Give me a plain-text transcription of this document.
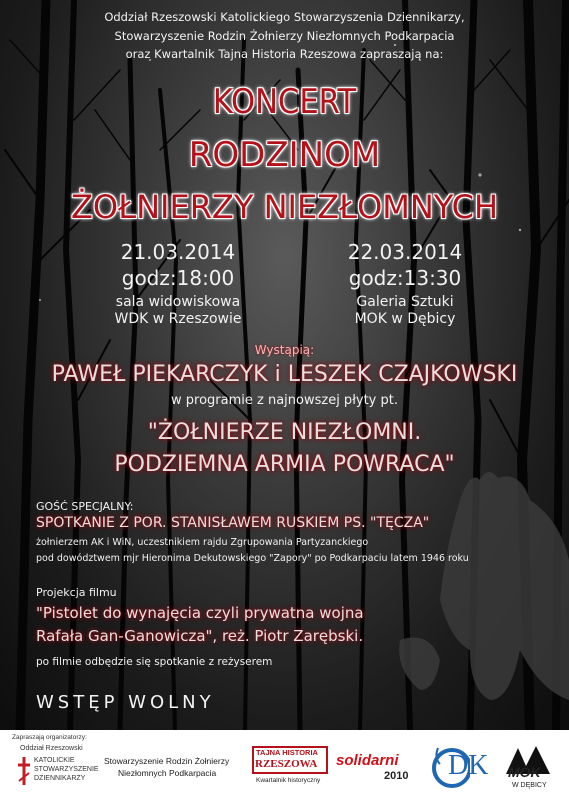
Oddział Rzeszowski Katolickiego Stowarzyszenia Dziennikarzy,
Stowarzyszenie Rodzin Żołnierzy Niezłomnych Podkarpacia
oraz Kwartalnik Tajna Historia Rzeszowa zapraszają na:
KONCERT
RODZINOM
ŻOŁNIERZY NIEZŁOMNYCH
21.03.2014
godz:18:00
sala widowiskowa
WDK w Rzeszowie
22.03.2014
godz:13:30
Galeria Sztuki
MOK w Dębicy
Wystąpią:
PAWEŁ PIEKARCZYK i LESZEK CZAJKOWSKI
w programie z najnowszej płyty pt.
"ŻOŁNIERZE NIEZŁOMNI.
PODZIEMNA ARMIA POWRACA"
GOŚĆ SPECJALNY:
SPOTKANIE Z POR. STANISŁAWEM RUSKIEM PS. "TĘCZA"
żołnierzem AK i WiN, uczestnikiem rajdu Zgrupowania Partyzanckiego
pod dowództwem mjr Hieronima Dekutowskiego "Zapory" po Podkarpaciu latem 1946 roku
Projekcja filmu
"Pistolet do wynajęcia czyli prywatna wojna
Rafała Gan-Ganowicza", reż. Piotr Zarębski.
po filmie odbędzie się spotkanie z reżyserem
WSTĘP WOLNY
Zapraszają organizatorzy:
Oddział Rzeszowski
KATOLICKIE
STOWARZYSZENIE
DZIENNIKARZY
Stowarzyszenie Rodzin Żołnierzy
Niezłomnych Podkarpacia
TAJNA HISTORIA
RZESZOWA
Kwartalnik historyczny
solidarni
2010 DK MOK
W DĘBICY
